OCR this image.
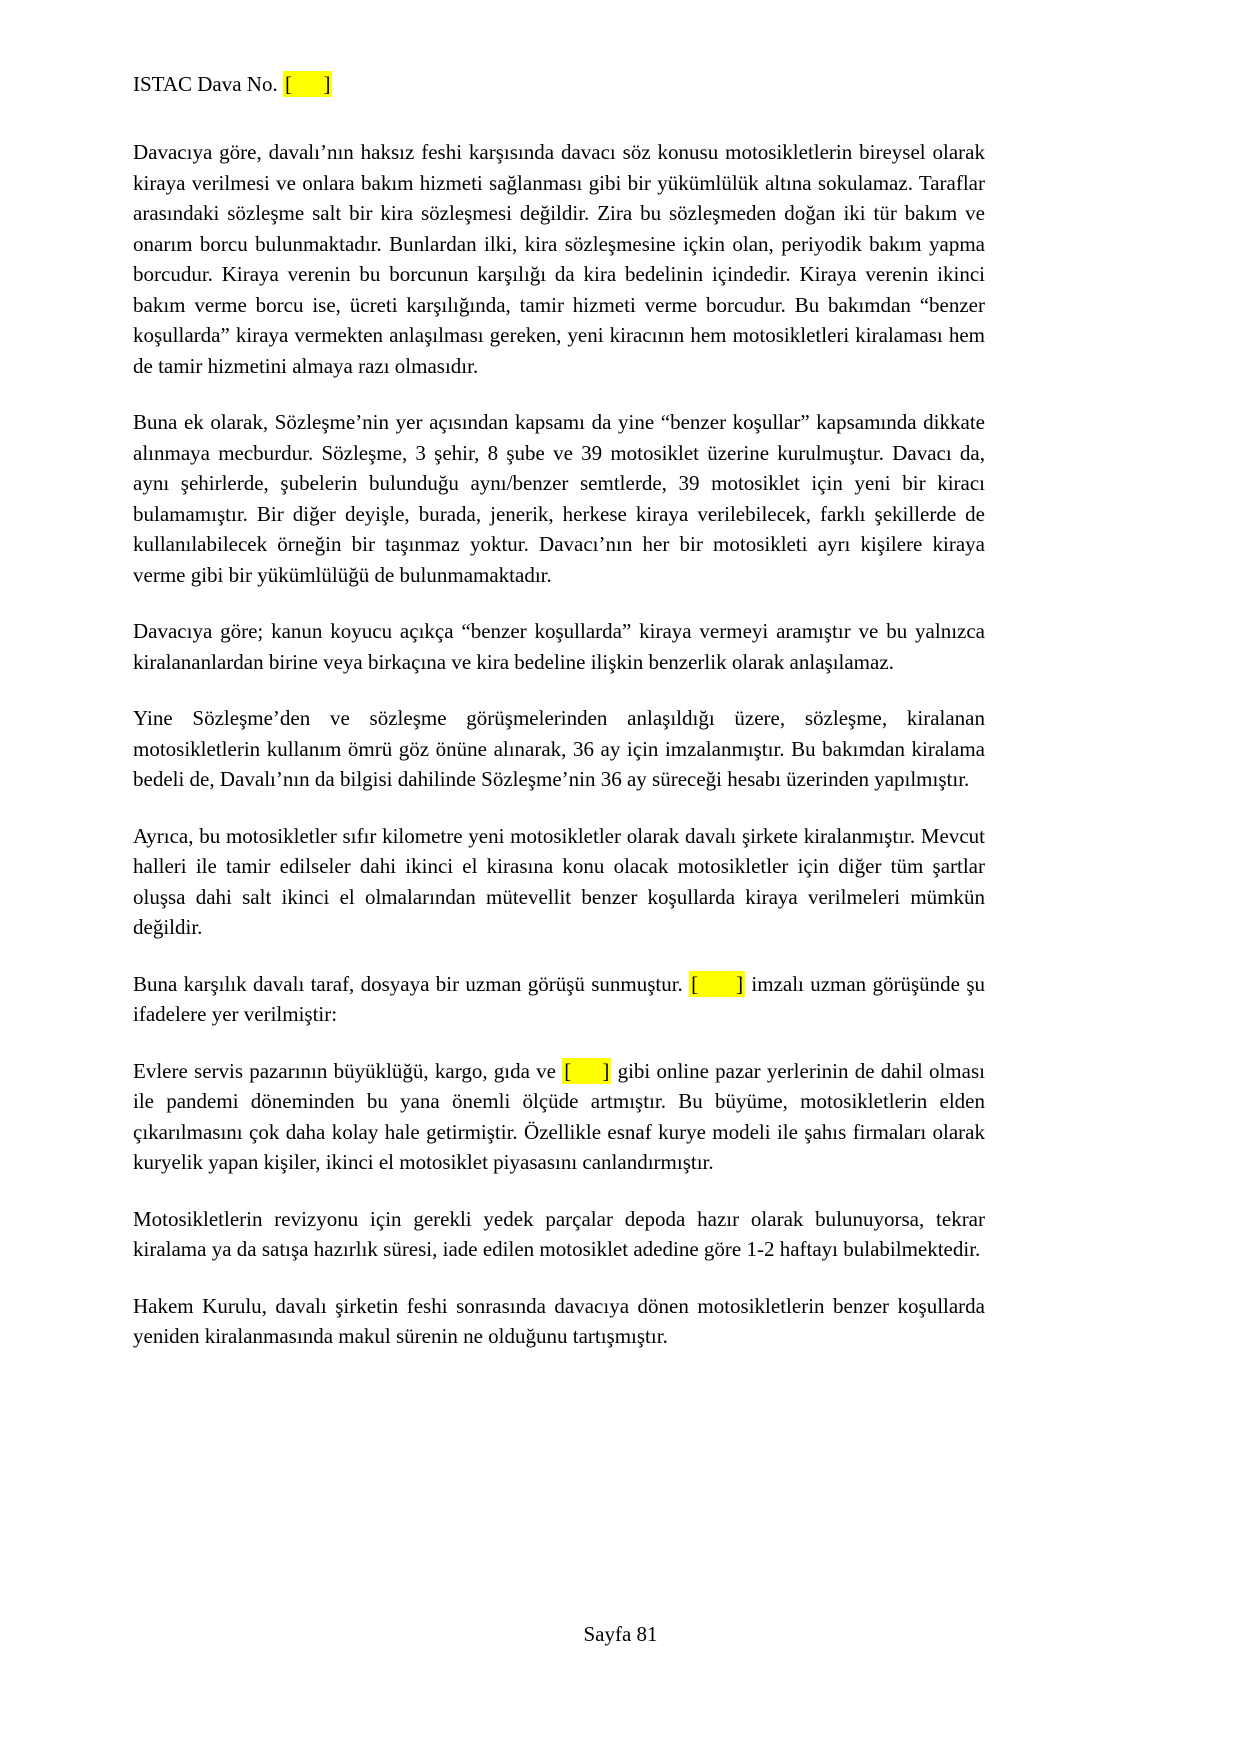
ISTAC Dava No. [      ]

Davacıya göre, davalı’nın haksız feshi karşısında davacı söz konusu motosikletlerin bireysel olarak kiraya verilmesi ve onlara bakım hizmeti sağlanması gibi bir yükümlülük altına sokulamaz. Taraflar arasındaki sözleşme salt bir kira sözleşmesi değildir. Zira bu sözleşmeden doğan iki tür bakım ve onarım borcu bulunmaktadır. Bunlardan ilki, kira sözleşmesine içkin olan, periyodik bakım yapma borcudur. Kiraya verenin bu borcunun karşılığı da kira bedelinin içindedir. Kiraya verenin ikinci bakım verme borcu ise, ücreti karşılığında, tamir hizmeti verme borcudur. Bu bakımdan “benzer koşullarda” kiraya vermekten anlaşılması gereken, yeni kiracının hem motosikletleri kiralaması hem de tamir hizmetini almaya razı olmasıdır.

Buna ek olarak, Sözleşme’nin yer açısından kapsamı da yine “benzer koşullar” kapsamında dikkate alınmaya mecburdur. Sözleşme, 3 şehir, 8 şube ve 39 motosiklet üzerine kurulmuştur. Davacı da, aynı şehirlerde, şubelerin bulunduğu aynı/benzer semtlerde, 39 motosiklet için yeni bir kiracı bulamamıştır. Bir diğer deyişle, burada, jenerik, herkese kiraya verilebilecek, farklı şekillerde de kullanılabilecek örneğin bir taşınmaz yoktur. Davacı’nın her bir motosikleti ayrı kişilere kiraya verme gibi bir yükümlülüğü de bulunmamaktadır.

Davacıya göre; kanun koyucu açıkça “benzer koşullarda” kiraya vermeyi aramıştır ve bu yalnızca kiralananlardan birine veya birkaçına ve kira bedeline ilişkin benzerlik olarak anlaşılamaz.

Yine Sözleşme’den ve sözleşme görüşmelerinden anlaşıldığı üzere, sözleşme, kiralanan motosikletlerin kullanım ömrü göz önüne alınarak, 36 ay için imzalanmıştır. Bu bakımdan kiralama bedeli de, Davalı’nın da bilgisi dahilinde Sözleşme’nin 36 ay süreceği hesabı üzerinden yapılmıştır.

Ayrıca, bu motosikletler sıfır kilometre yeni motosikletler olarak davalı şirkete kiralanmıştır. Mevcut halleri ile tamir edilseler dahi ikinci el kirasına konu olacak motosikletler için diğer tüm şartlar oluşsa dahi salt ikinci el olmalarından mütevellit benzer koşullarda kiraya verilmeleri mümkün değildir.

Buna karşılık davalı taraf, dosyaya bir uzman görüşü sunmuştur. [      ] imzalı uzman görüşünde şu ifadelere yer verilmiştir:

Evlere servis pazarının büyüklüğü, kargo, gıda ve [     ] gibi online pazar yerlerinin de dahil olması ile pandemi döneminden bu yana önemli ölçüde artmıştır. Bu büyüme, motosikletlerin elden çıkarılmasını çok daha kolay hale getirmiştir. Özellikle esnaf kurye modeli ile şahıs firmaları olarak kuryelik yapan kişiler, ikinci el motosiklet piyasasını canlandırmıştır.

Motosikletlerin revizyonu için gerekli yedek parçalar depoda hazır olarak bulunuyorsa, tekrar kiralama ya da satışa hazırlık süresi, iade edilen motosiklet adedine göre 1-2 haftayı bulabilmektedir.

Hakem Kurulu, davalı şirketin feshi sonrasında davacıya dönen motosikletlerin benzer koşullarda yeniden kiralanmasında makul sürenin ne olduğunu tartışmıştır.

Sayfa 81
